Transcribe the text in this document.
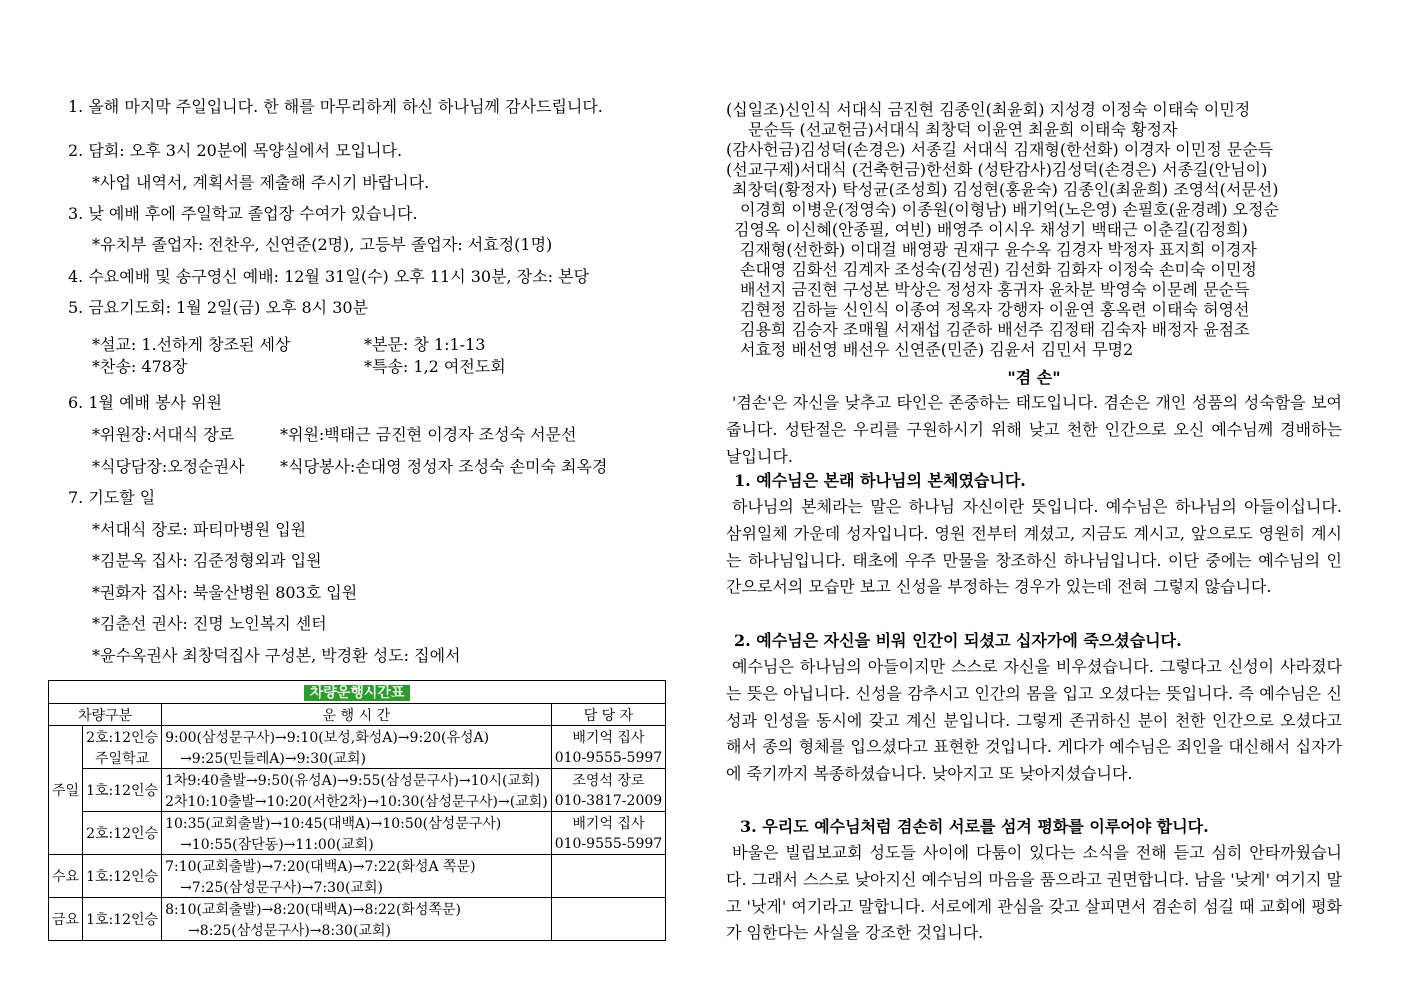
1. 올해 마지막 주일입니다. 한 해를 마무리하게 하신 하나님께 감사드립니다.
2. 담회: 오후 3시 20분에 목양실에서 모입니다.
*사업 내역서, 계획서를 제출해 주시기 바랍니다.
3. 낮 예배 후에 주일학교 졸업장 수여가 있습니다.
*유치부 졸업자: 전찬우, 신연준(2명), 고등부 졸업자: 서효정(1명)
4. 수요예배 및 송구영신 예배: 12월 31일(수) 오후 11시 30분, 장소: 본당
5. 금요기도회: 1월 2일(금) 오후 8시 30분
*설교: 1.선하게 창조된 세상	*본문: 창 1:1-13
*찬송: 478장	*특송: 1,2 여전도회
6. 1월 예배 봉사 위원
*위원장:서대식 장로	*위원:백태근 금진현 이경자 조성숙 서문선
*식당담장:오정순권사 *식당봉사:손대영 정성자 조성숙 손미숙 최옥경
7. 기도할 일
*서대식 장로: 파티마병원 입원
*김분옥 집사: 김준정형외과 입원
*권화자 집사: 북울산병원 803호 입원
*김춘선 권사: 진명 노인복지 센터
*윤수옥권사 최창덕집사 구성본, 박경환 성도: 집에서
차량운행시간표			
차량구분		운 행 시 간	담 당 자
주일	2호:12인승	9:00(삼성문구사)→9:10(보성,화성A)→9:20(유성A)	배기억 집사
	주일학교	→9:25(민들레A)→9:30(교회)	010-9555-5997
	1호:12인승	1차9:40출발→9:50(유성A)→9:55(삼성문구사)→10시(교회)	조영석 장로
		2차10:10출발→10:20(서한2차)→10:30(삼성문구사)→(교회)	010-3817-2009
	2호:12인승	10:35(교회출발)→10:45(대백A)→10:50(삼성문구사)	배기억 집사
		→10:55(잠단동)→11:00(교회)	010-9555-5997
수요	1호:12인승	7:10(교회출발)→7:20(대백A)→7:22(화성A 쪽문)	
		→7:25(삼성문구사)→7:30(교회)	
금요	1호:12인승	8:10(교회출발)→8:20(대백A)→8:22(화성쪽문)	
		→8:25(삼성문구사)→8:30(교회)	
(십일조)신인식 서대식 금진현 김종인(최윤회) 지성경 이정숙 이태숙 이민정
문순득 (선교헌금)서대식 최창덕 이윤연 최윤희 이태숙 황정자
(감사헌금)김성덕(손경은) 서종길 서대식 김재형(한선화) 이경자 이민정 문순득
(선교구제)서대식 (건축헌금)한선화 (성탄감사)김성덕(손경은) 서종길(안님이)
최창덕(황정자) 탁성균(조성희) 김성현(홍윤숙) 김종인(최윤희) 조영석(서문선)
이경희 이병운(정영숙) 이종원(이형남) 배기억(노은영) 손필호(윤경례) 오정순
김영옥 이신혜(안종필, 여빈) 배영주 이시우 채성기 백태근 이춘길(김정희)
김재형(선한화) 이대걸 배영광 권재구 윤수옥 김경자 박정자 표지희 이경자
손대영 김화선 김계자 조성숙(김성권) 김선화 김화자 이정숙 손미숙 이민정
배선지 금진현 구성본 박상은 정성자 홍귀자 윤차분 박영숙 이문례 문순득
김현정 김하늘 신인식 이종여 정옥자 강행자 이윤연 홍옥련 이태숙 허영선
김용희 김승자 조매월 서재섭 김준하 배선주 김정태 김숙자 배정자 윤점조
서효정 배선영 배선우 신연준(민준) 김윤서 김민서 무명2
"겸 손"
'겸손'은 자신을 낮추고 타인은 존중하는 태도입니다. 겸손은 개인 성품의 성숙함을 보여 줍니다. 성탄절은 우리를 구원하시기 위해 낮고 천한 인간으로 오신 예수님께 경배하는 날입니다.
1. 예수님은 본래 하나님의 본체였습니다.
하나님의 본체라는 말은 하나님 자신이란 뜻입니다. 예수님은 하나님의 아들이십니다. 삼위일체 가운데 성자입니다. 영원 전부터 계셨고, 지금도 계시고, 앞으로도 영원히 계시는 하나님입니다. 태초에 우주 만물을 창조하신 하나님입니다. 이단 중에는 예수님의 인간으로서의 모습만 보고 신성을 부정하는 경우가 있는데 전혀 그렇지 않습니다.
2. 예수님은 자신을 비워 인간이 되셨고 십자가에 죽으셨습니다.
예수님은 하나님의 아들이지만 스스로 자신을 비우셨습니다. 그렇다고 신성이 사라졌다는 뜻은 아닙니다. 신성을 감추시고 인간의 몸을 입고 오셨다는 뜻입니다. 즉 예수님은 신성과 인성을 동시에 갖고 계신 분입니다. 그렇게 존귀하신 분이 천한 인간으로 오셨다고 해서 종의 형체를 입으셨다고 표현한 것입니다. 게다가 예수님은 죄인을 대신해서 십자가에 죽기까지 복종하셨습니다. 낮아지고 또 낮아지셨습니다.
3. 우리도 예수님처럼 겸손히 서로를 섬겨 평화를 이루어야 합니다.
바울은 빌립보교회 성도들 사이에 다툼이 있다는 소식을 전해 듣고 심히 안타까웠습니다. 그래서 스스로 낮아지신 예수님의 마음을 품으라고 권면합니다. 남을 '낮게' 여기지 말고 '낫게' 여기라고 말합니다. 서로에게 관심을 갖고 살피면서 겸손히 섬길 때 교회에 평화가 임한다는 사실을 강조한 것입니다.
